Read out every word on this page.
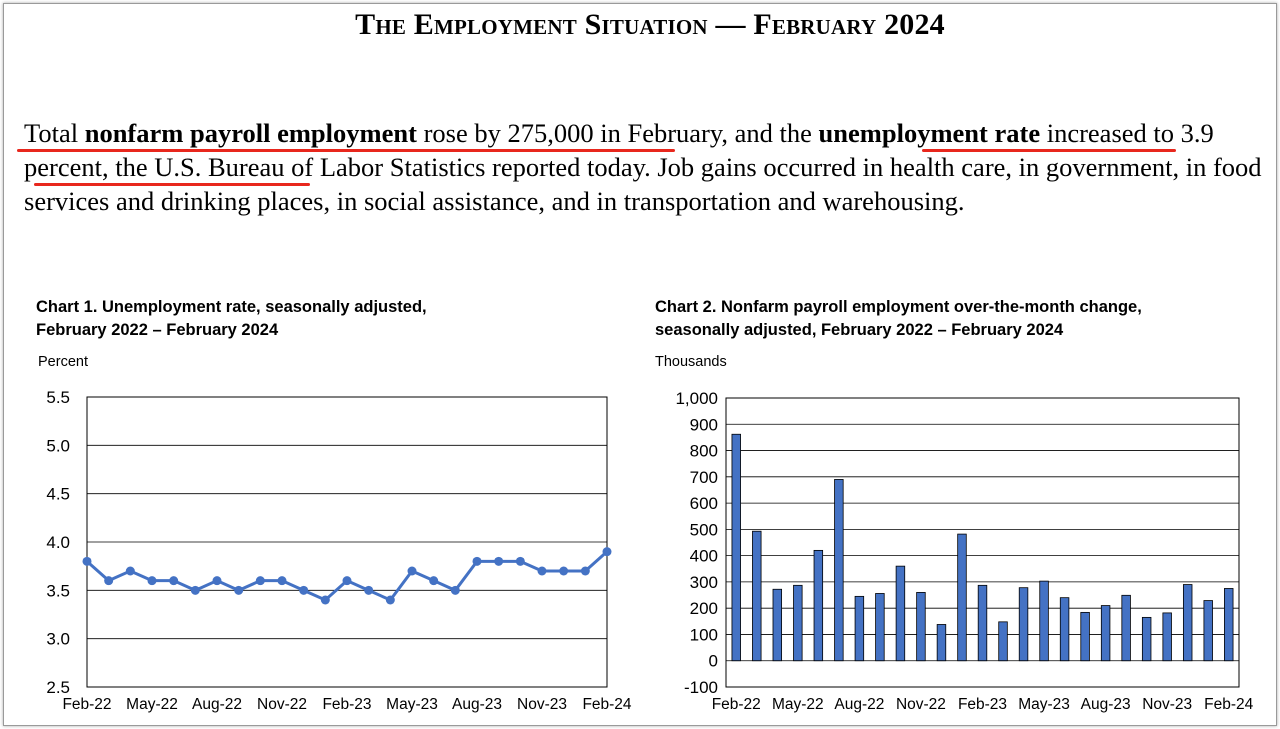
The Employment Situation — February 2024
Total nonfarm payroll employment rose by 275,000 in February, and the unemployment rate increased to 3.9 percent, the U.S. Bureau of Labor Statistics reported today. Job gains occurred in health care, in government, in food services and drinking places, in social assistance, and in transportation and warehousing.
Chart 1. Unemployment rate, seasonally adjusted,
February 2022 – February 2024
Percent
Chart 2. Nonfarm payroll employment over-the-month change,
seasonally adjusted, February 2022 – February 2024
Thousands
2.5
3.0
3.5
4.0
4.5
5.0
5.5
Feb-22 May-22 Aug-22 Nov-22 Feb-23 May-23 Aug-23 Nov-23 Feb-24
-100
0
100
200
300
400
500
600
700
800
900
1,000
Feb-22 May-22 Aug-22 Nov-22 Feb-23 May-23 Aug-23 Nov-23 Feb-24
